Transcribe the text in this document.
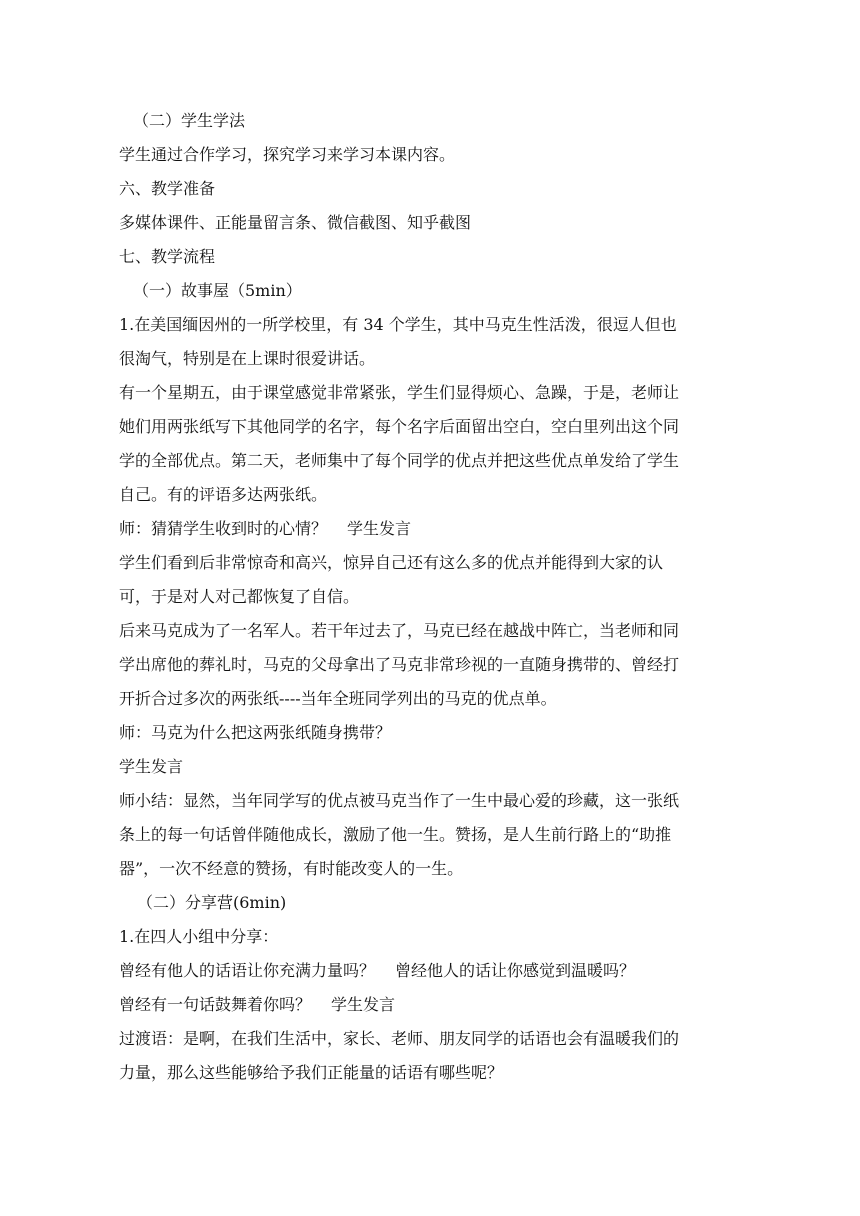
（二）学生学法
学生通过合作学习，探究学习来学习本课内容。
六、教学准备
多媒体课件、正能量留言条、微信截图、知乎截图
七、教学流程
（一）故事屋（5min）
1.在美国缅因州的一所学校里，有 34 个学生，其中马克生性活泼，很逗人但也
很淘气，特别是在上课时很爱讲话。
有一个星期五，由于课堂感觉非常紧张，学生们显得烦心、急躁，于是，老师让
她们用两张纸写下其他同学的名字，每个名字后面留出空白，空白里列出这个同
学的全部优点。第二天，老师集中了每个同学的优点并把这些优点单发给了学生
自己。有的评语多达两张纸。
师：猜猜学生收到时的心情？ 学生发言
学生们看到后非常惊奇和高兴，惊异自己还有这么多的优点并能得到大家的认
可，于是对人对己都恢复了自信。
后来马克成为了一名军人。若干年过去了，马克已经在越战中阵亡，当老师和同
学出席他的葬礼时，马克的父母拿出了马克非常珍视的一直随身携带的、曾经打
开折合过多次的两张纸----当年全班同学列出的马克的优点单。
师：马克为什么把这两张纸随身携带？
学生发言
师小结：显然，当年同学写的优点被马克当作了一生中最心爱的珍藏，这一张纸
条上的每一句话曾伴随他成长，激励了他一生。赞扬，是人生前行路上的“助推
器”，一次不经意的赞扬，有时能改变人的一生。
（二）分享营(6min)
1.在四人小组中分享：
曾经有他人的话语让你充满力量吗？ 曾经他人的话让你感觉到温暖吗？
曾经有一句话鼓舞着你吗？ 学生发言
过渡语：是啊，在我们生活中，家长、老师、朋友同学的话语也会有温暖我们的
力量，那么这些能够给予我们正能量的话语有哪些呢？
